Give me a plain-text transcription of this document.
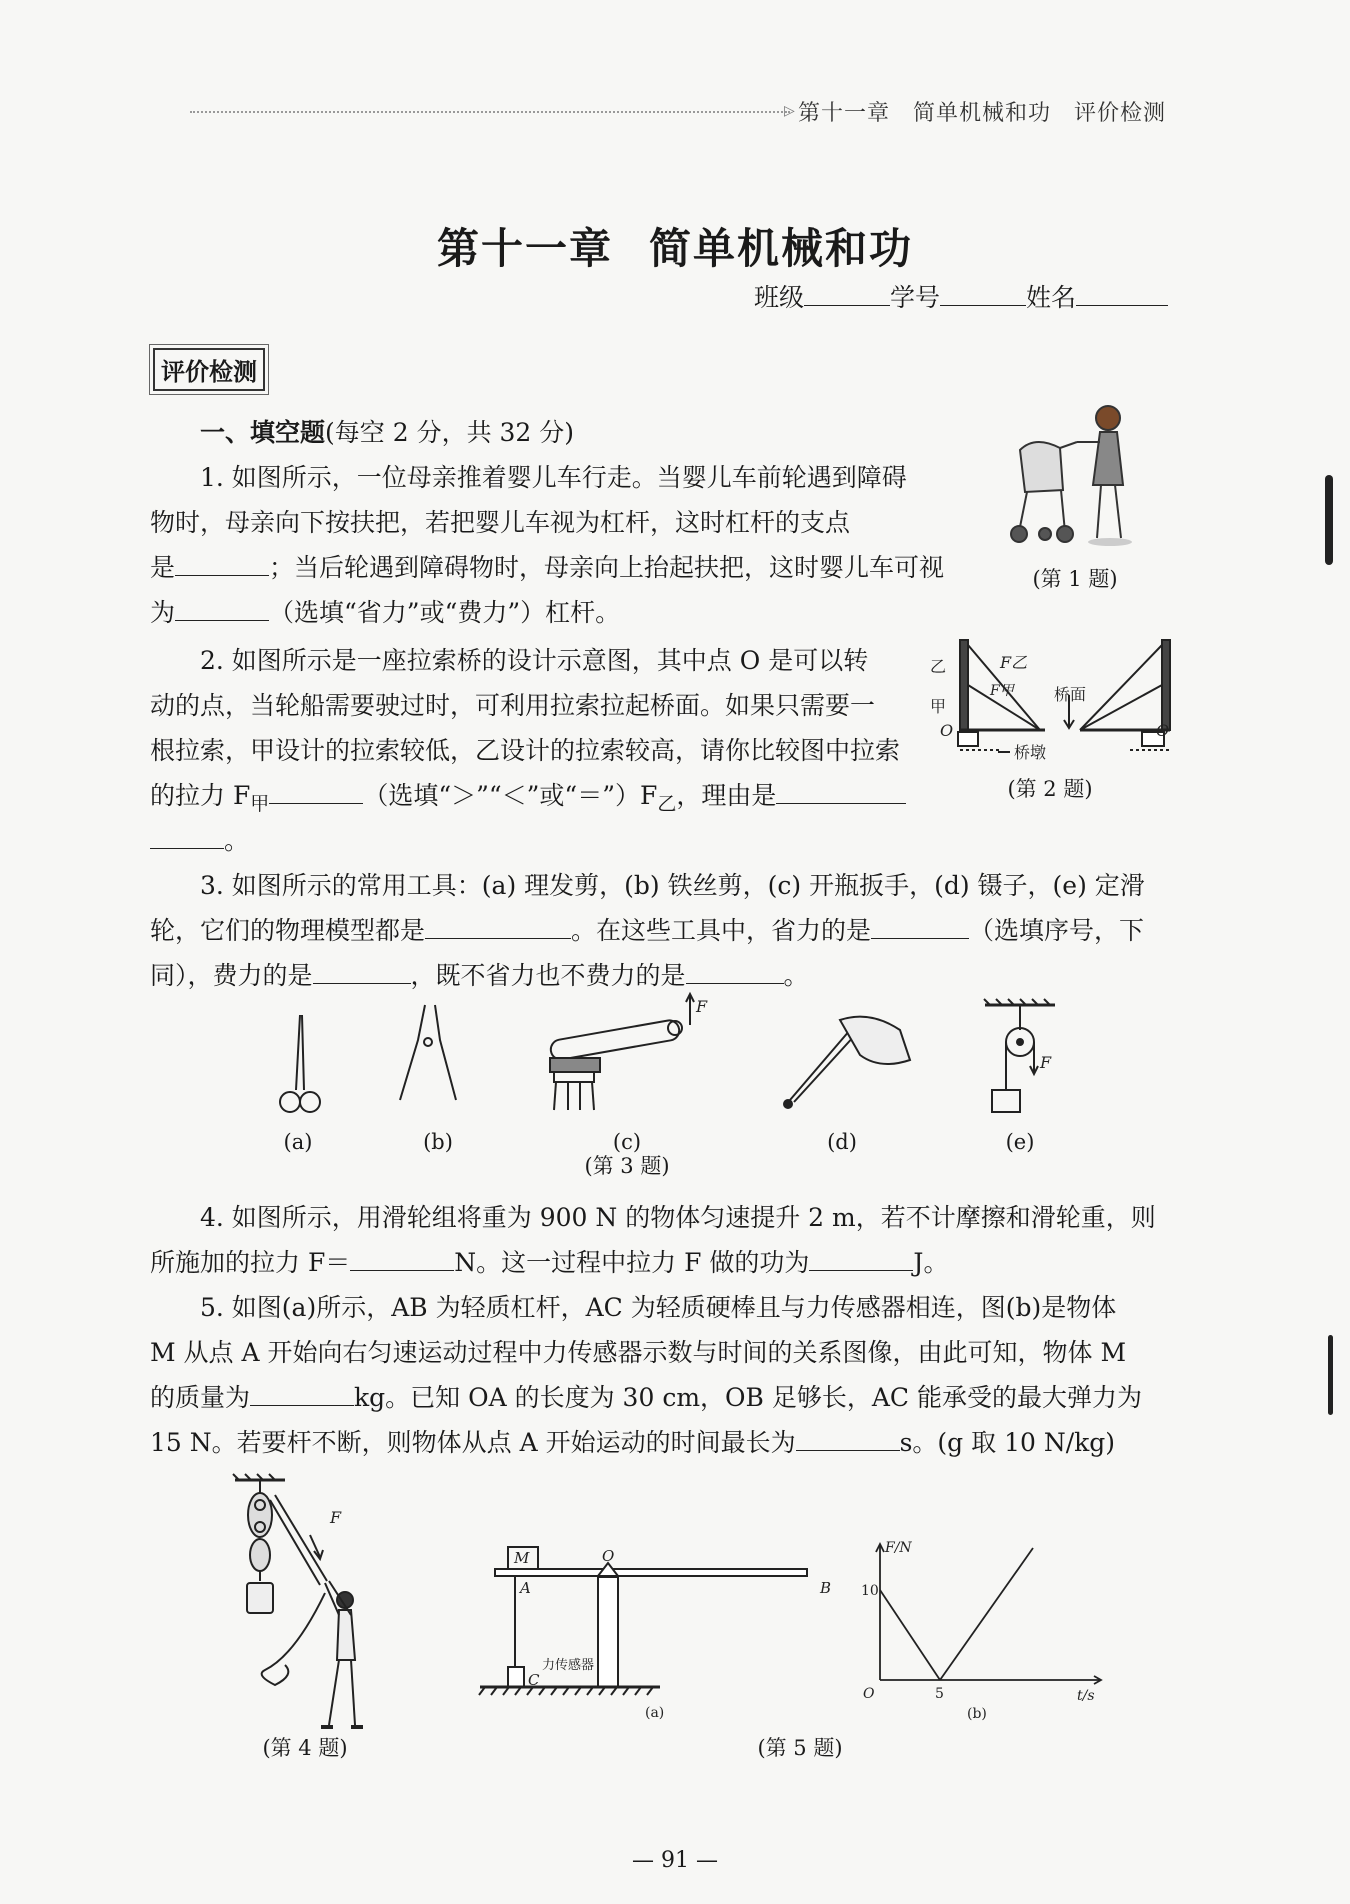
▷ 第十一章　简单机械和功　评价检测
第十一章 简单机械和功
班级	学号	姓名
评价检测
一、填空题(每空 2 分，共 32 分)
1. 如图所示，一位母亲推着婴儿车行走。当婴儿车前轮遇到障碍
物时，母亲向下按扶把，若把婴儿车视为杠杆，这时杠杆的支点
是	；当后轮遇到障碍物时，母亲向上抬起扶把，这时婴儿车可视
为	（选填“省力”或“费力”）杠杆。
(第 1 题)
2. 如图所示是一座拉索桥的设计示意图，其中点 O 是可以转
动的点，当轮船需要驶过时，可利用拉索拉起桥面。如果只需要一
根拉索，甲设计的拉索较低，乙设计的拉索较高，请你比较图中拉索
的拉力 $F_甲$	（选填“＞”“＜”或“$=”)F_乙$，理由是
。
乙
甲
F乙
F甲
O	O
桥面
桥墩
(第 2 题)
3. 如图所示的常用工具：(a) 理发剪，(b) 铁丝剪，(c) 开瓶扳手，(d) 镊子，(e) 定滑
轮，它们的物理模型都是	。在这些工具中，省力的是	（选填序号，下
同），费力的是	，既不省力也不费力的是	。
F
F
(a)	(b)	(c)	(d)	(e)
(第 3 题)
4. 如图所示，用滑轮组将重为 900 N 的物体匀速提升 2 m，若不计摩擦和滑轮重，则
所施加的拉力 F＝	N。这一过程中拉力 F 做的功为	J。
5. 如图(a)所示，AB 为轻质杠杆，AC 为轻质硬棒且与力传感器相连，图(b)是物体
M 从点 A 开始向右匀速运动过程中力传感器示数与时间的关系图像，由此可知，物体 M
的质量为	kg。已知 OA 的长度为 30 cm，OB 足够长，AC 能承受的最大弹力为
15 N。若要杆不断，则物体从点 A 开始运动的时间最长为	s。(g 取 10 N/kg)
F
(第 4 题)
M	O
A	B
C
力传感器
(a)
F/N
t/s
O
10
5
(b)
(第 5 题)
— 91 —
